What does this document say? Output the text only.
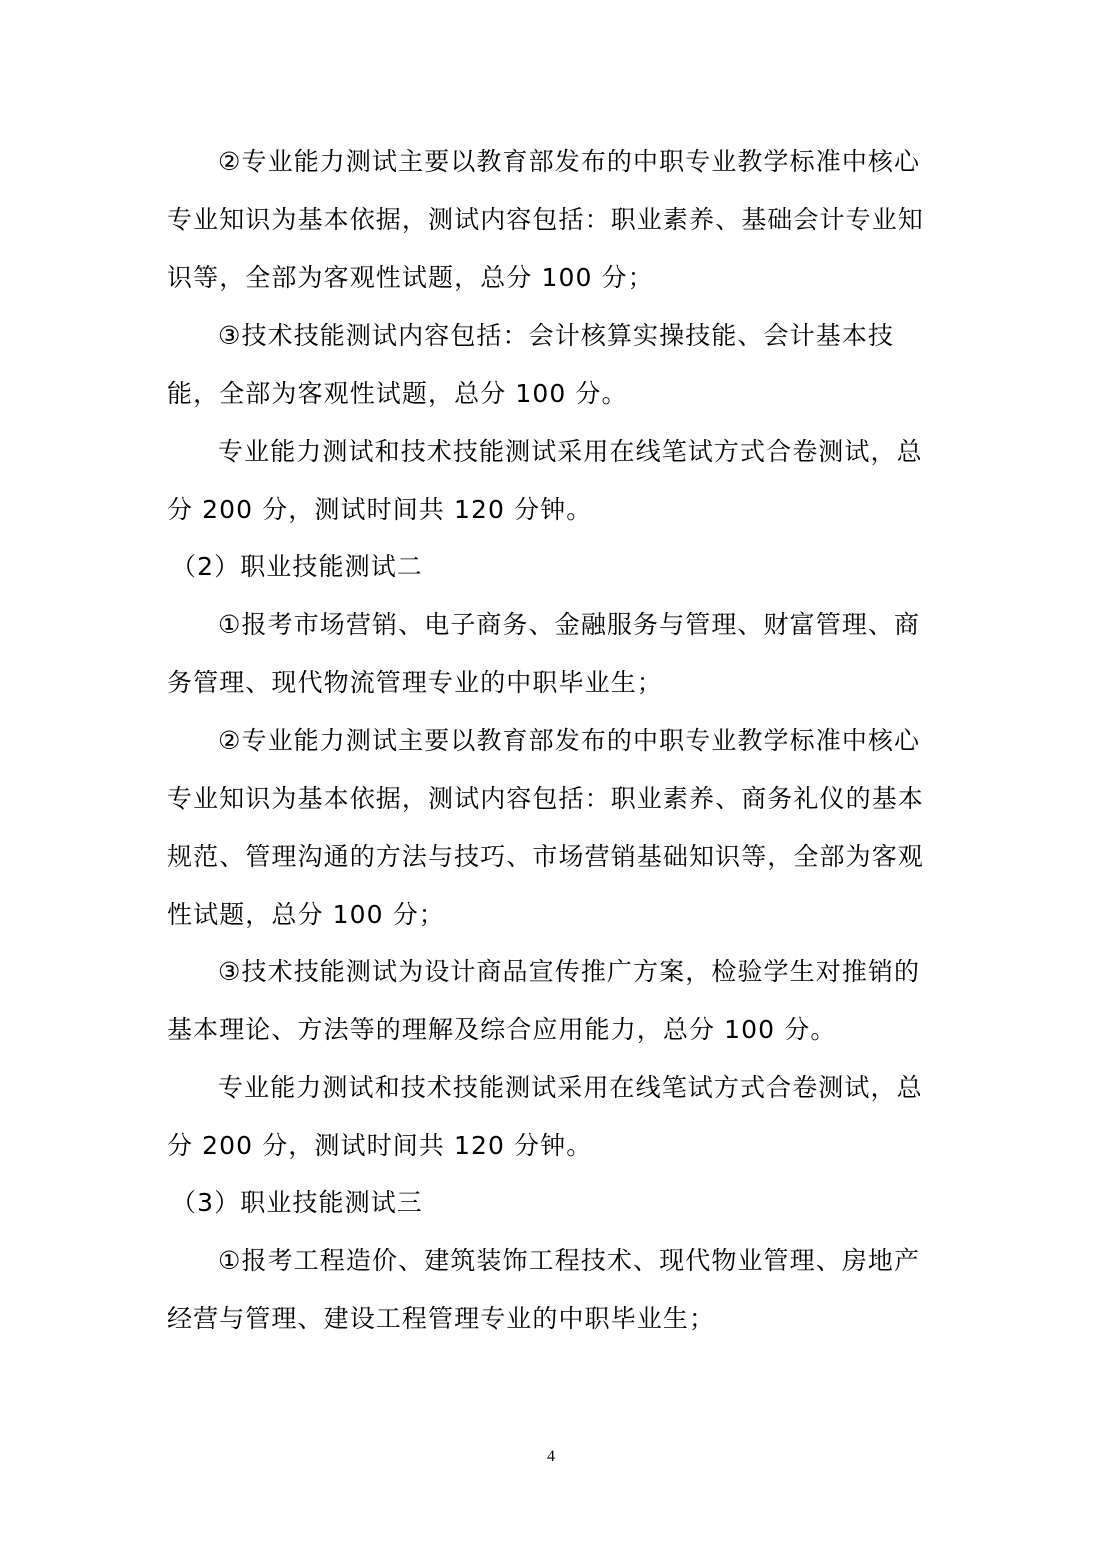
②专业能力测试主要以教育部发布的中职专业教学标准中核心
专业知识为基本依据，测试内容包括：职业素养、基础会计专业知
识等，全部为客观性试题，总分 100 分；
③技术技能测试内容包括：会计核算实操技能、会计基本技
能，全部为客观性试题，总分 100 分。
专业能力测试和技术技能测试采用在线笔试方式合卷测试，总
分 200 分，测试时间共 120 分钟。
（2）职业技能测试二
①报考市场营销、电子商务、金融服务与管理、财富管理、商
务管理、现代物流管理专业的中职毕业生；
②专业能力测试主要以教育部发布的中职专业教学标准中核心
专业知识为基本依据，测试内容包括：职业素养、商务礼仪的基本
规范、管理沟通的方法与技巧、市场营销基础知识等，全部为客观
性试题，总分 100 分；
③技术技能测试为设计商品宣传推广方案，检验学生对推销的
基本理论、方法等的理解及综合应用能力，总分 100 分。
专业能力测试和技术技能测试采用在线笔试方式合卷测试，总
分 200 分，测试时间共 120 分钟。
（3）职业技能测试三
①报考工程造价、建筑装饰工程技术、现代物业管理、房地产
经营与管理、建设工程管理专业的中职毕业生；
4
